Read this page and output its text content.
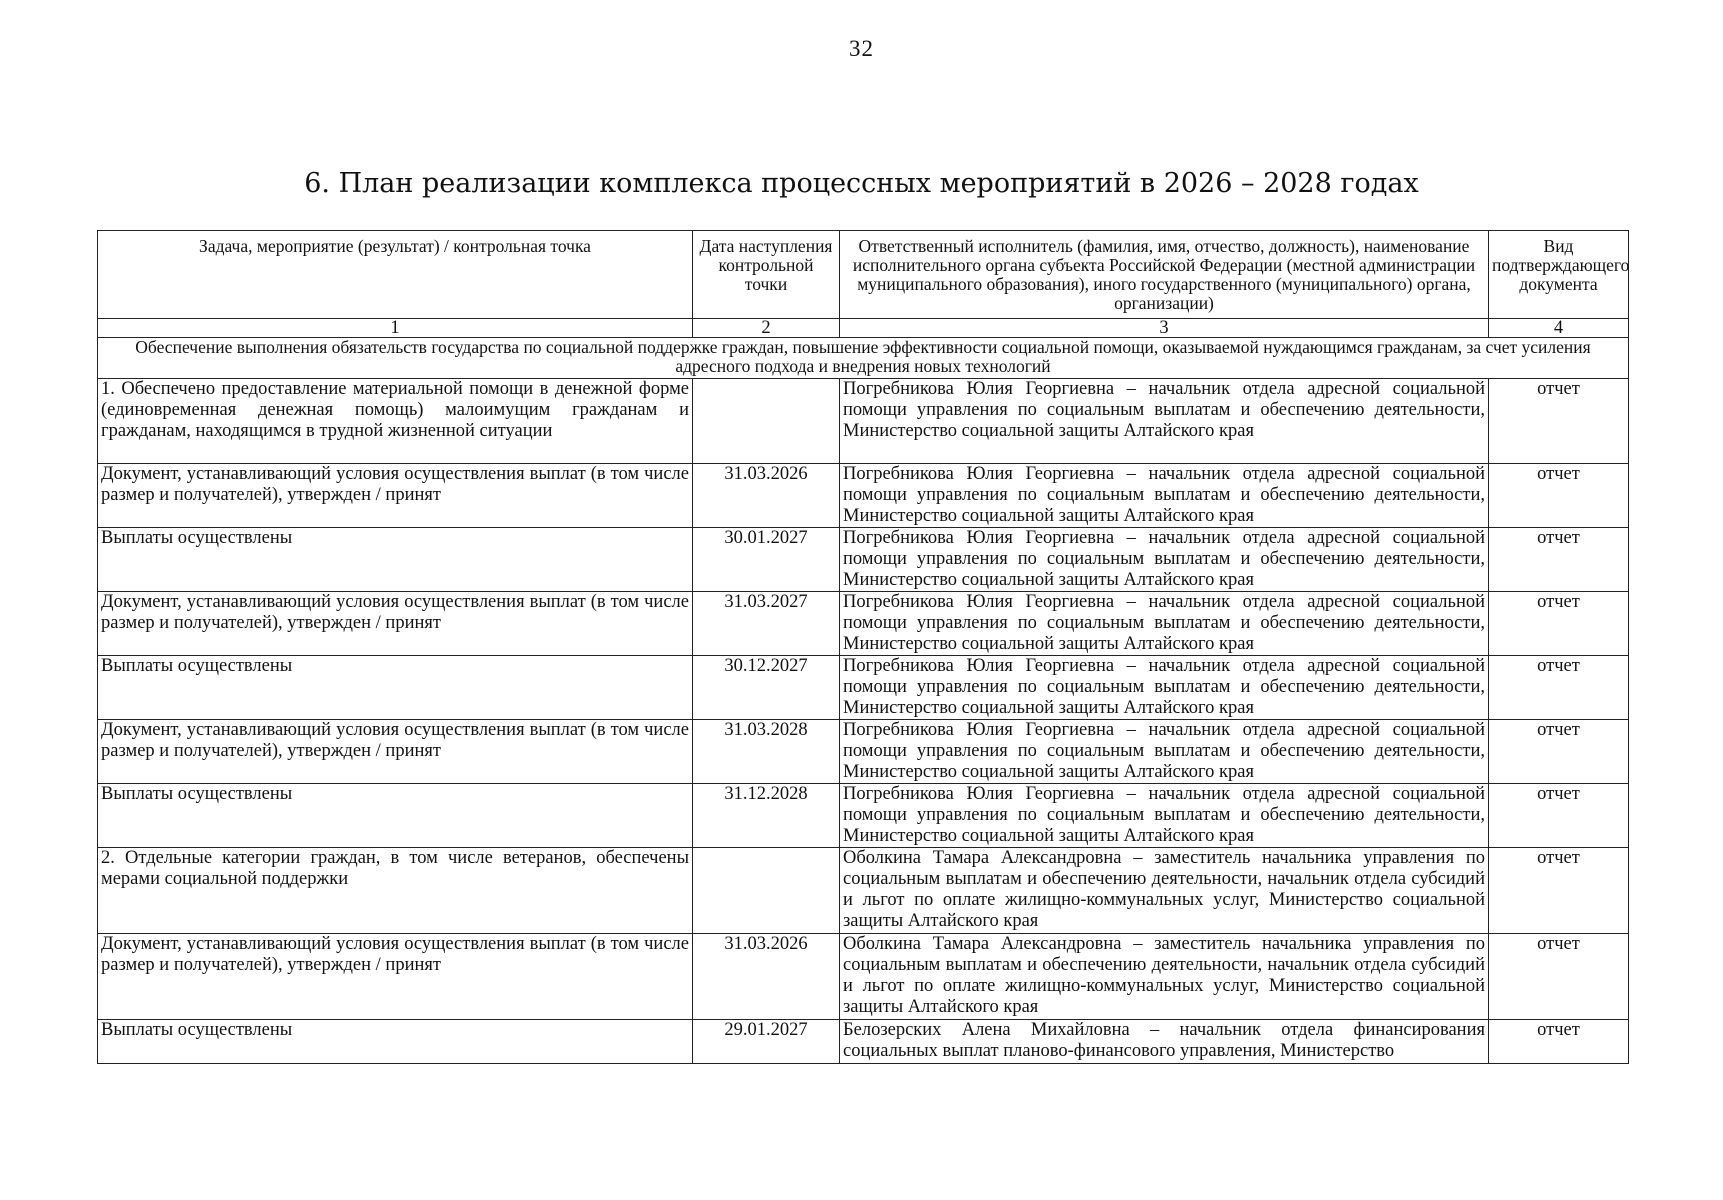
32
6. План реализации комплекса процессных мероприятий в 2026 – 2028 годах
Задача, мероприятие (результат) / контрольная точка	Дата наступления контрольной точки	Ответственный исполнитель (фамилия, имя, отчество, должность), наименование исполнительного органа субъекта Российской Федерации (местной администрации муниципального образования), иного государственного (муниципального) органа, организации)	Вид подтверждающего документа
1	2	3	4
Обеспечение выполнения обязательств государства по социальной поддержке граждан, повышение эффективности социальной помощи, оказываемой нуждающимся гражданам, за счет усиления адресного подхода и внедрения новых технологий			
1. Обеспечено предоставление материальной помощи в денежной форме (единовременная денежная помощь) малоимущим гражданам и гражданам, находящимся в трудной жизненной ситуации		Погребникова Юлия Георгиевна – начальник отдела адресной социальной помощи управления по социальным выплатам и обеспечению деятельности, Министерство социальной защиты Алтайского края	отчет
Документ, устанавливающий условия осуществления выплат (в том числе размер и получателей), утвержден / принят	31.03.2026	Погребникова Юлия Георгиевна – начальник отдела адресной социальной помощи управления по социальным выплатам и обеспечению деятельности, Министерство социальной защиты Алтайского края	отчет
Выплаты осуществлены	30.01.2027	Погребникова Юлия Георгиевна – начальник отдела адресной социальной помощи управления по социальным выплатам и обеспечению деятельности, Министерство социальной защиты Алтайского края	отчет
Документ, устанавливающий условия осуществления выплат (в том числе размер и получателей), утвержден / принят	31.03.2027	Погребникова Юлия Георгиевна – начальник отдела адресной социальной помощи управления по социальным выплатам и обеспечению деятельности, Министерство социальной защиты Алтайского края	отчет
Выплаты осуществлены	30.12.2027	Погребникова Юлия Георгиевна – начальник отдела адресной социальной помощи управления по социальным выплатам и обеспечению деятельности, Министерство социальной защиты Алтайского края	отчет
Документ, устанавливающий условия осуществления выплат (в том числе размер и получателей), утвержден / принят	31.03.2028	Погребникова Юлия Георгиевна – начальник отдела адресной социальной помощи управления по социальным выплатам и обеспечению деятельности, Министерство социальной защиты Алтайского края	отчет
Выплаты осуществлены	31.12.2028	Погребникова Юлия Георгиевна – начальник отдела адресной социальной помощи управления по социальным выплатам и обеспечению деятельности, Министерство социальной защиты Алтайского края	отчет
2. Отдельные категории граждан, в том числе ветеранов, обеспечены мерами социальной поддержки		Оболкина Тамара Александровна – заместитель начальника управления по социальным выплатам и обеспечению деятельности, начальник отдела субсидий и льгот по оплате жилищно-коммунальных услуг, Министерство социальной защиты Алтайского края	отчет
Документ, устанавливающий условия осуществления выплат (в том числе размер и получателей), утвержден / принят	31.03.2026	Оболкина Тамара Александровна – заместитель начальника управления по социальным выплатам и обеспечению деятельности, начальник отдела субсидий и льгот по оплате жилищно-коммунальных услуг, Министерство социальной защиты Алтайского края	отчет
Выплаты осуществлены	29.01.2027	Белозерских Алена Михайловна – начальник отдела финансирования социальных выплат планово-финансового управления, Министерство	отчет
